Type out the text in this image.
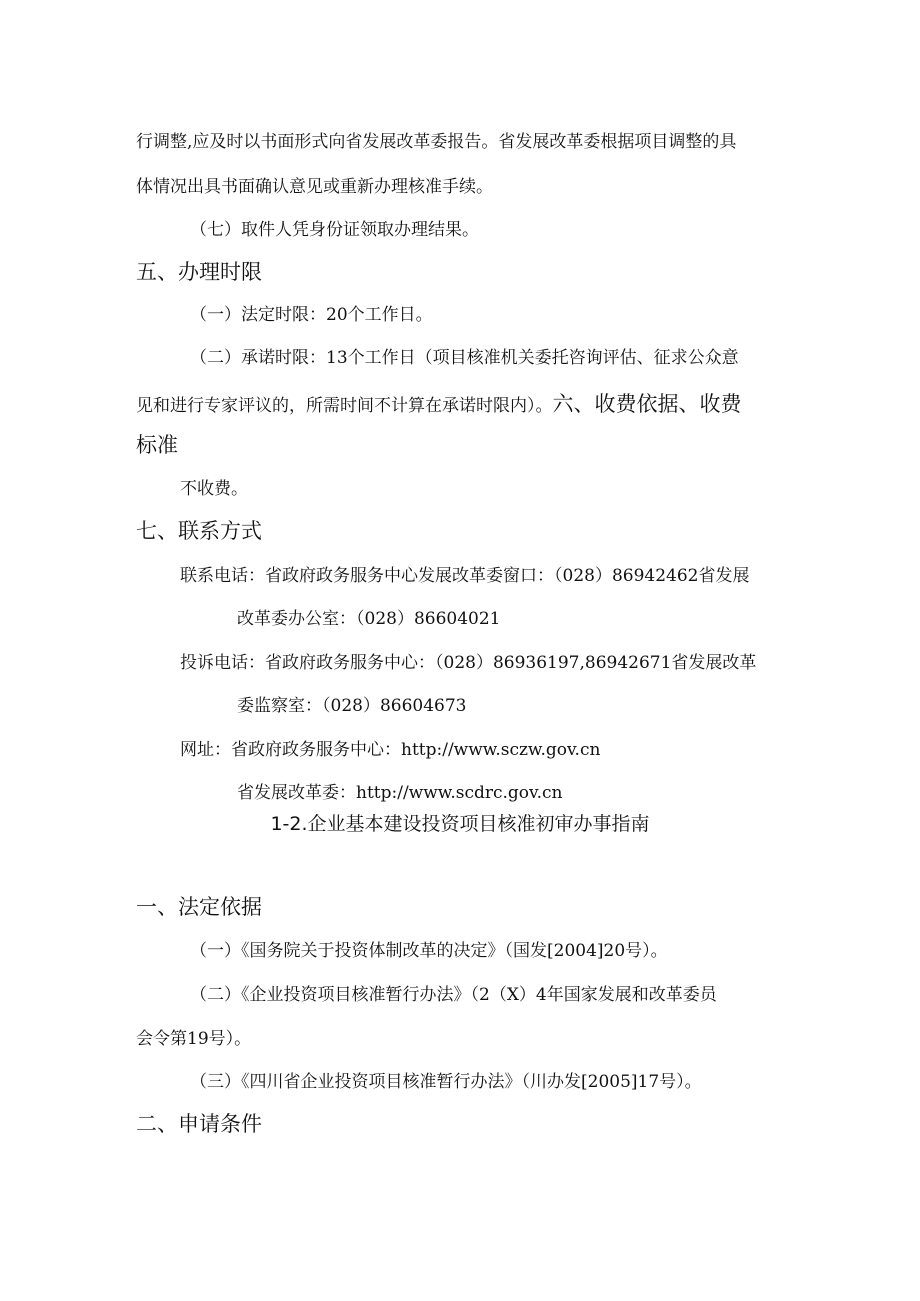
行调整,应及时以书面形式向省发展改革委报告。省发展改革委根据项目调整的具
体情况出具书面确认意见或重新办理核准手续。
（七）取件人凭身份证领取办理结果。
五、办理时限
（一）法定时限：20个工作日。
（二）承诺时限：13个工作日（项目核准机关委托咨询评估、征求公众意
见和进行专家评议的，所需时间不计算在承诺时限内）。六、收费依据、收费
标准
不收费。
七、联系方式
联系电话：省政府政务服务中心发展改革委窗口：（028）86942462省发展
改革委办公室：（028）86604021
投诉电话：省政府政务服务中心：（028）86936197,86942671省发展改革
委监察室：（028）86604673
网址：省政府政务服务中心：http://www.sczw.gov.cn
省发展改革委：http://www.scdrc.gov.cn
1-2.企业基本建设投资项目核准初审办事指南
一、法定依据
（一）《国务院关于投资体制改革的决定》（国发[2004]20号）。
（二）《企业投资项目核准暂行办法》（2（X）4年国家发展和改革委员
会令第19号）。
（三）《四川省企业投资项目核准暂行办法》（川办发[2005]17号）。
二、申请条件
